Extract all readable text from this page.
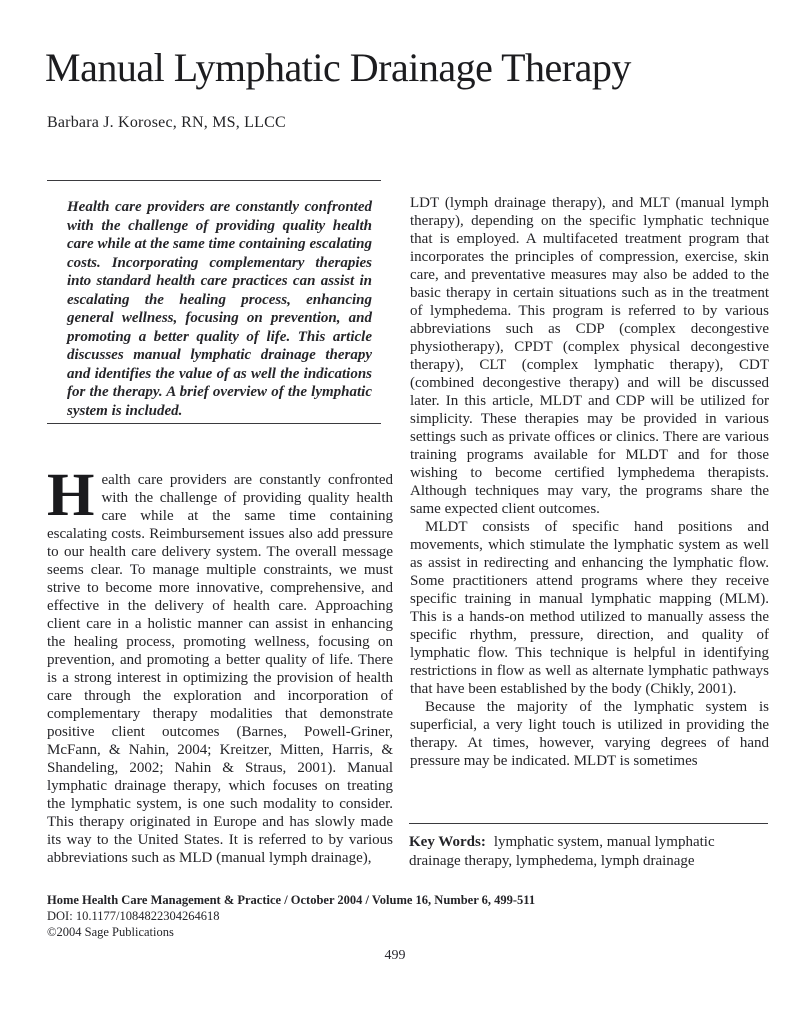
Manual Lymphatic Drainage Therapy
Barbara J. Korosec, RN, MS, LLCC

Health care providers are constantly confronted with the challenge of providing quality health care while at the same time containing escalating costs. Incorporating complementary therapies into standard health care practices can assist in escalating the healing process, enhancing general wellness, focusing on prevention, and promoting a better quality of life. This article discusses manual lymphatic drainage therapy and identifies the value of as well the indications for the therapy. A brief overview of the lymphatic system is included.

Health care providers are constantly confronted with the challenge of providing quality health care while at the same time containing escalating costs. Reimbursement issues also add pressure to our health care delivery system. The overall message seems clear. To manage multiple constraints, we must strive to become more innovative, comprehensive, and effective in the delivery of health care. Approaching client care in a holistic manner can assist in enhancing the healing process, promoting wellness, focusing on prevention, and promoting a better quality of life. There is a strong interest in optimizing the provision of health care through the exploration and incorporation of complementary therapy modalities that demonstrate positive client outcomes (Barnes, Powell-Griner, McFann, & Nahin, 2004; Kreitzer, Mitten, Harris, & Shandeling, 2002; Nahin & Straus, 2001). Manual lymphatic drainage therapy, which focuses on treating the lymphatic system, is one such modality to consider. This therapy originated in Europe and has slowly made its way to the United States. It is referred to by various abbreviations such as MLD (manual lymph drainage),

LDT (lymph drainage therapy), and MLT (manual lymph therapy), depending on the specific lymphatic technique that is employed. A multifaceted treatment program that incorporates the principles of compression, exercise, skin care, and preventative measures may also be added to the basic therapy in certain situations such as in the treatment of lymphedema. This program is referred to by various abbreviations such as CDP (complex decongestive physiotherapy), CPDT (complex physical decongestive therapy), CLT (complex lymphatic therapy), CDT (combined decongestive therapy) and will be discussed later. In this article, MLDT and CDP will be utilized for simplicity. These therapies may be provided in various settings such as private offices or clinics. There are various training programs available for MLDT and for those wishing to become certified lymphedema therapists. Although techniques may vary, the programs share the same expected client outcomes.

MLDT consists of specific hand positions and movements, which stimulate the lymphatic system as well as assist in redirecting and enhancing the lymphatic flow. Some practitioners attend programs where they receive specific training in manual lymphatic mapping (MLM). This is a hands-on method utilized to manually assess the specific rhythm, pressure, direction, and quality of lymphatic flow. This technique is helpful in identifying restrictions in flow as well as alternate lymphatic pathways that have been established by the body (Chikly, 2001).

Because the majority of the lymphatic system is superficial, a very light touch is utilized in providing the therapy. At times, however, varying degrees of hand pressure may be indicated. MLDT is sometimes

Key Words: lymphatic system, manual lymphatic drainage therapy, lymphedema, lymph drainage
Home Health Care Management & Practice / October 2004 / Volume 16, Number 6, 499-511
DOI: 10.1177/1084822304264618
©2004 Sage Publications
499
